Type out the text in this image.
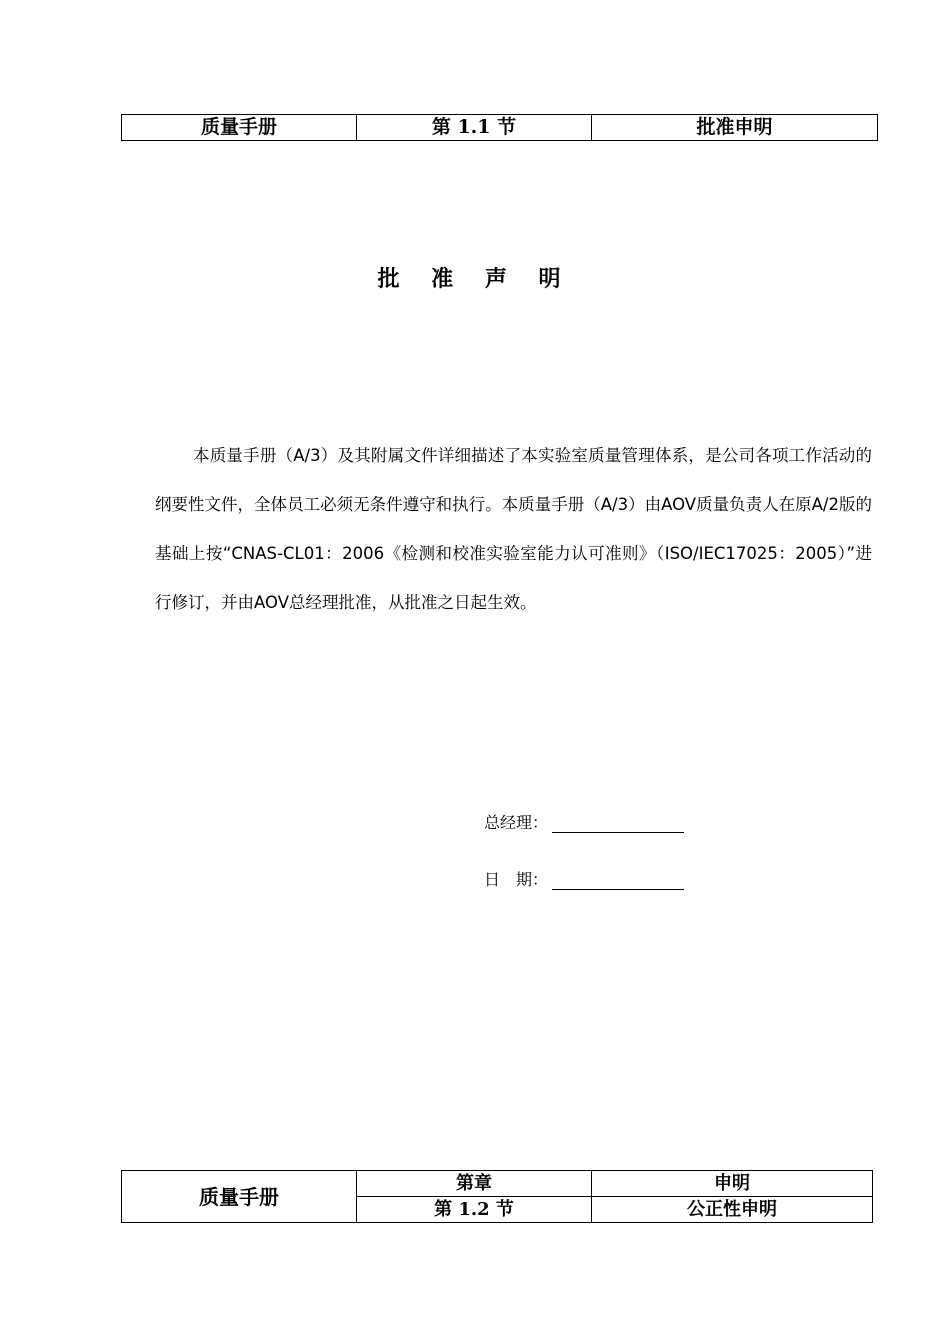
质量手册	第 1.1 节	批准申明
批 准 声 明

本质量手册（A/3）及其附属文件详细描述了本实验室质量管理体系，是公司各项工作活动的纲要性文件，全体员工必须无条件遵守和执行。本质量手册（A/3）由AOV质量负责人在原A/2版的基础上按“CNAS-CL01：2006《检测和校准实验室能力认可准则》（ISO/IEC17025：2005）”进行修订，并由AOV总经理批准，从批准之日起生效。

总经理：
日　期：
质量手册	第章	申明
	第 1.2 节	公正性申明
